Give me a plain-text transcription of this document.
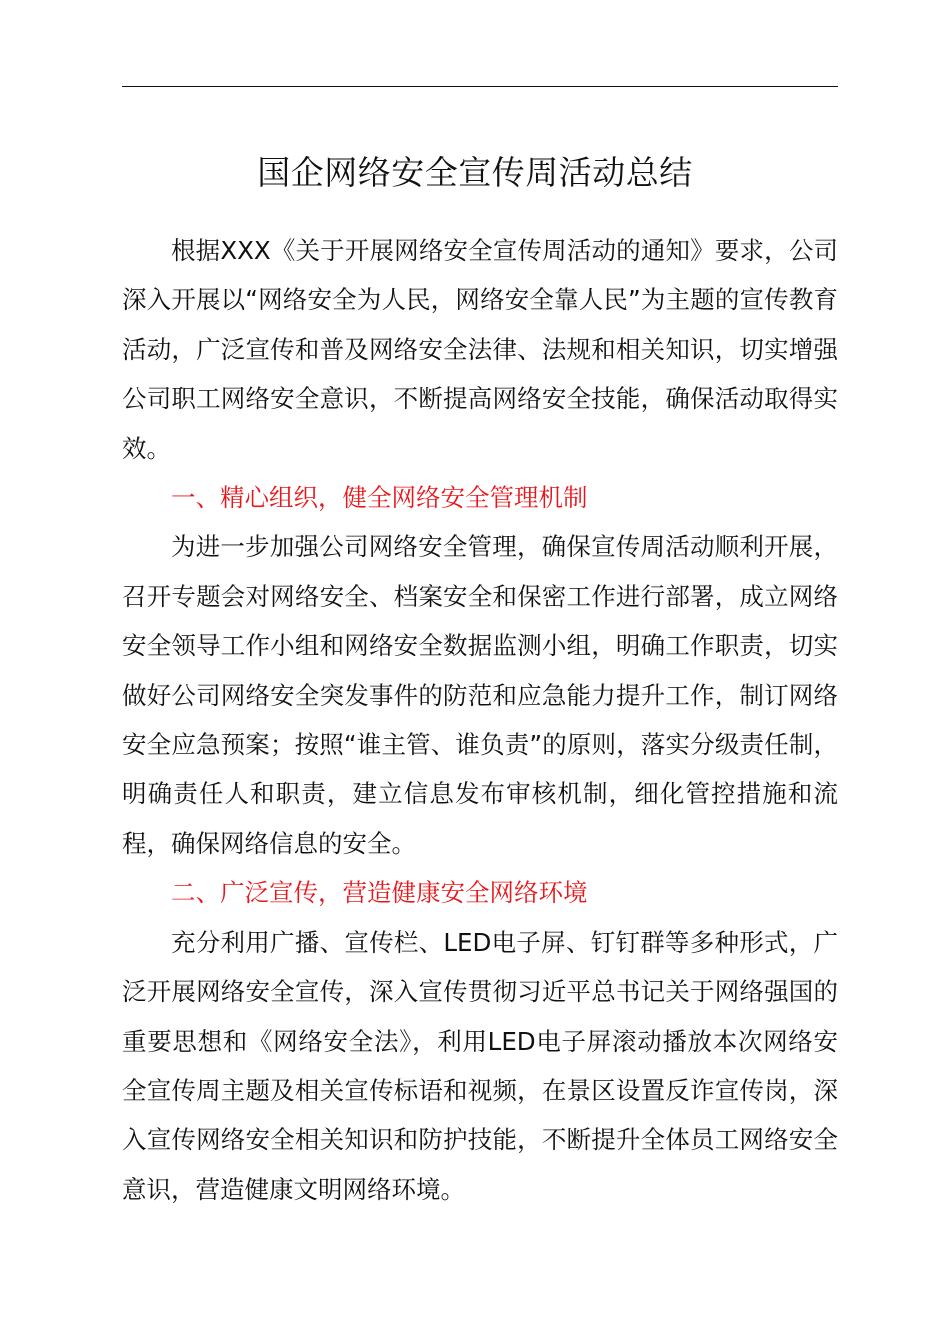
国企网络安全宣传周活动总结

根据XXX《关于开展网络安全宣传周活动的通知》要求，公司深入开展以“网络安全为人民，网络安全靠人民”为主题的宣传教育活动，广泛宣传和普及网络安全法律、法规和相关知识，切实增强公司职工网络安全意识，不断提高网络安全技能，确保活动取得实效。

一、精心组织，健全网络安全管理机制

为进一步加强公司网络安全管理，确保宣传周活动顺利开展，召开专题会对网络安全、档案安全和保密工作进行部署，成立网络安全领导工作小组和网络安全数据监测小组，明确工作职责，切实做好公司网络安全突发事件的防范和应急能力提升工作，制订网络安全应急预案；按照“谁主管、谁负责”的原则，落实分级责任制，明确责任人和职责，建立信息发布审核机制，细化管控措施和流程，确保网络信息的安全。

二、广泛宣传，营造健康安全网络环境

充分利用广播、宣传栏、LED电子屏、钉钉群等多种形式，广泛开展网络安全宣传，深入宣传贯彻习近平总书记关于网络强国的重要思想和《网络安全法》，利用LED电子屏滚动播放本次网络安全宣传周主题及相关宣传标语和视频，在景区设置反诈宣传岗，深入宣传网络安全相关知识和防护技能，不断提升全体员工网络安全意识，营造健康文明网络环境。
